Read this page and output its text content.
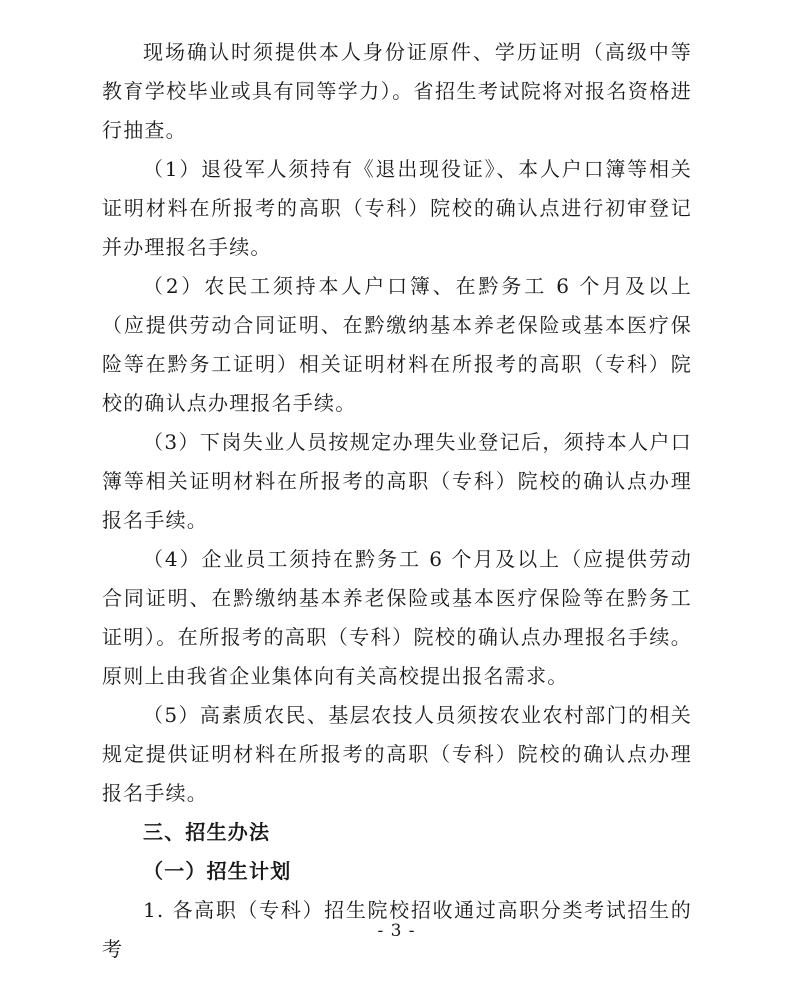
现场确认时须提供本人身份证原件、学历证明（高级中等教育学校毕业或具有同等学力）。省招生考试院将对报名资格进行抽查。

（1）退役军人须持有《退出现役证》、本人户口簿等相关证明材料在所报考的高职（专科）院校的确认点进行初审登记并办理报名手续。

（2）农民工须持本人户口簿、在黔务工 6 个月及以上（应提供劳动合同证明、在黔缴纳基本养老保险或基本医疗保险等在黔务工证明）相关证明材料在所报考的高职（专科）院校的确认点办理报名手续。

（3）下岗失业人员按规定办理失业登记后，须持本人户口簿等相关证明材料在所报考的高职（专科）院校的确认点办理报名手续。

（4）企业员工须持在黔务工 6 个月及以上（应提供劳动合同证明、在黔缴纳基本养老保险或基本医疗保险等在黔务工证明）。在所报考的高职（专科）院校的确认点办理报名手续。原则上由我省企业集体向有关高校提出报名需求。

（5）高素质农民、基层农技人员须按农业农村部门的相关规定提供证明材料在所报考的高职（专科）院校的确认点办理报名手续。

三、招生办法

（一）招生计划

1. 各高职（专科）招生院校招收通过高职分类考试招生的考

- 3 -
